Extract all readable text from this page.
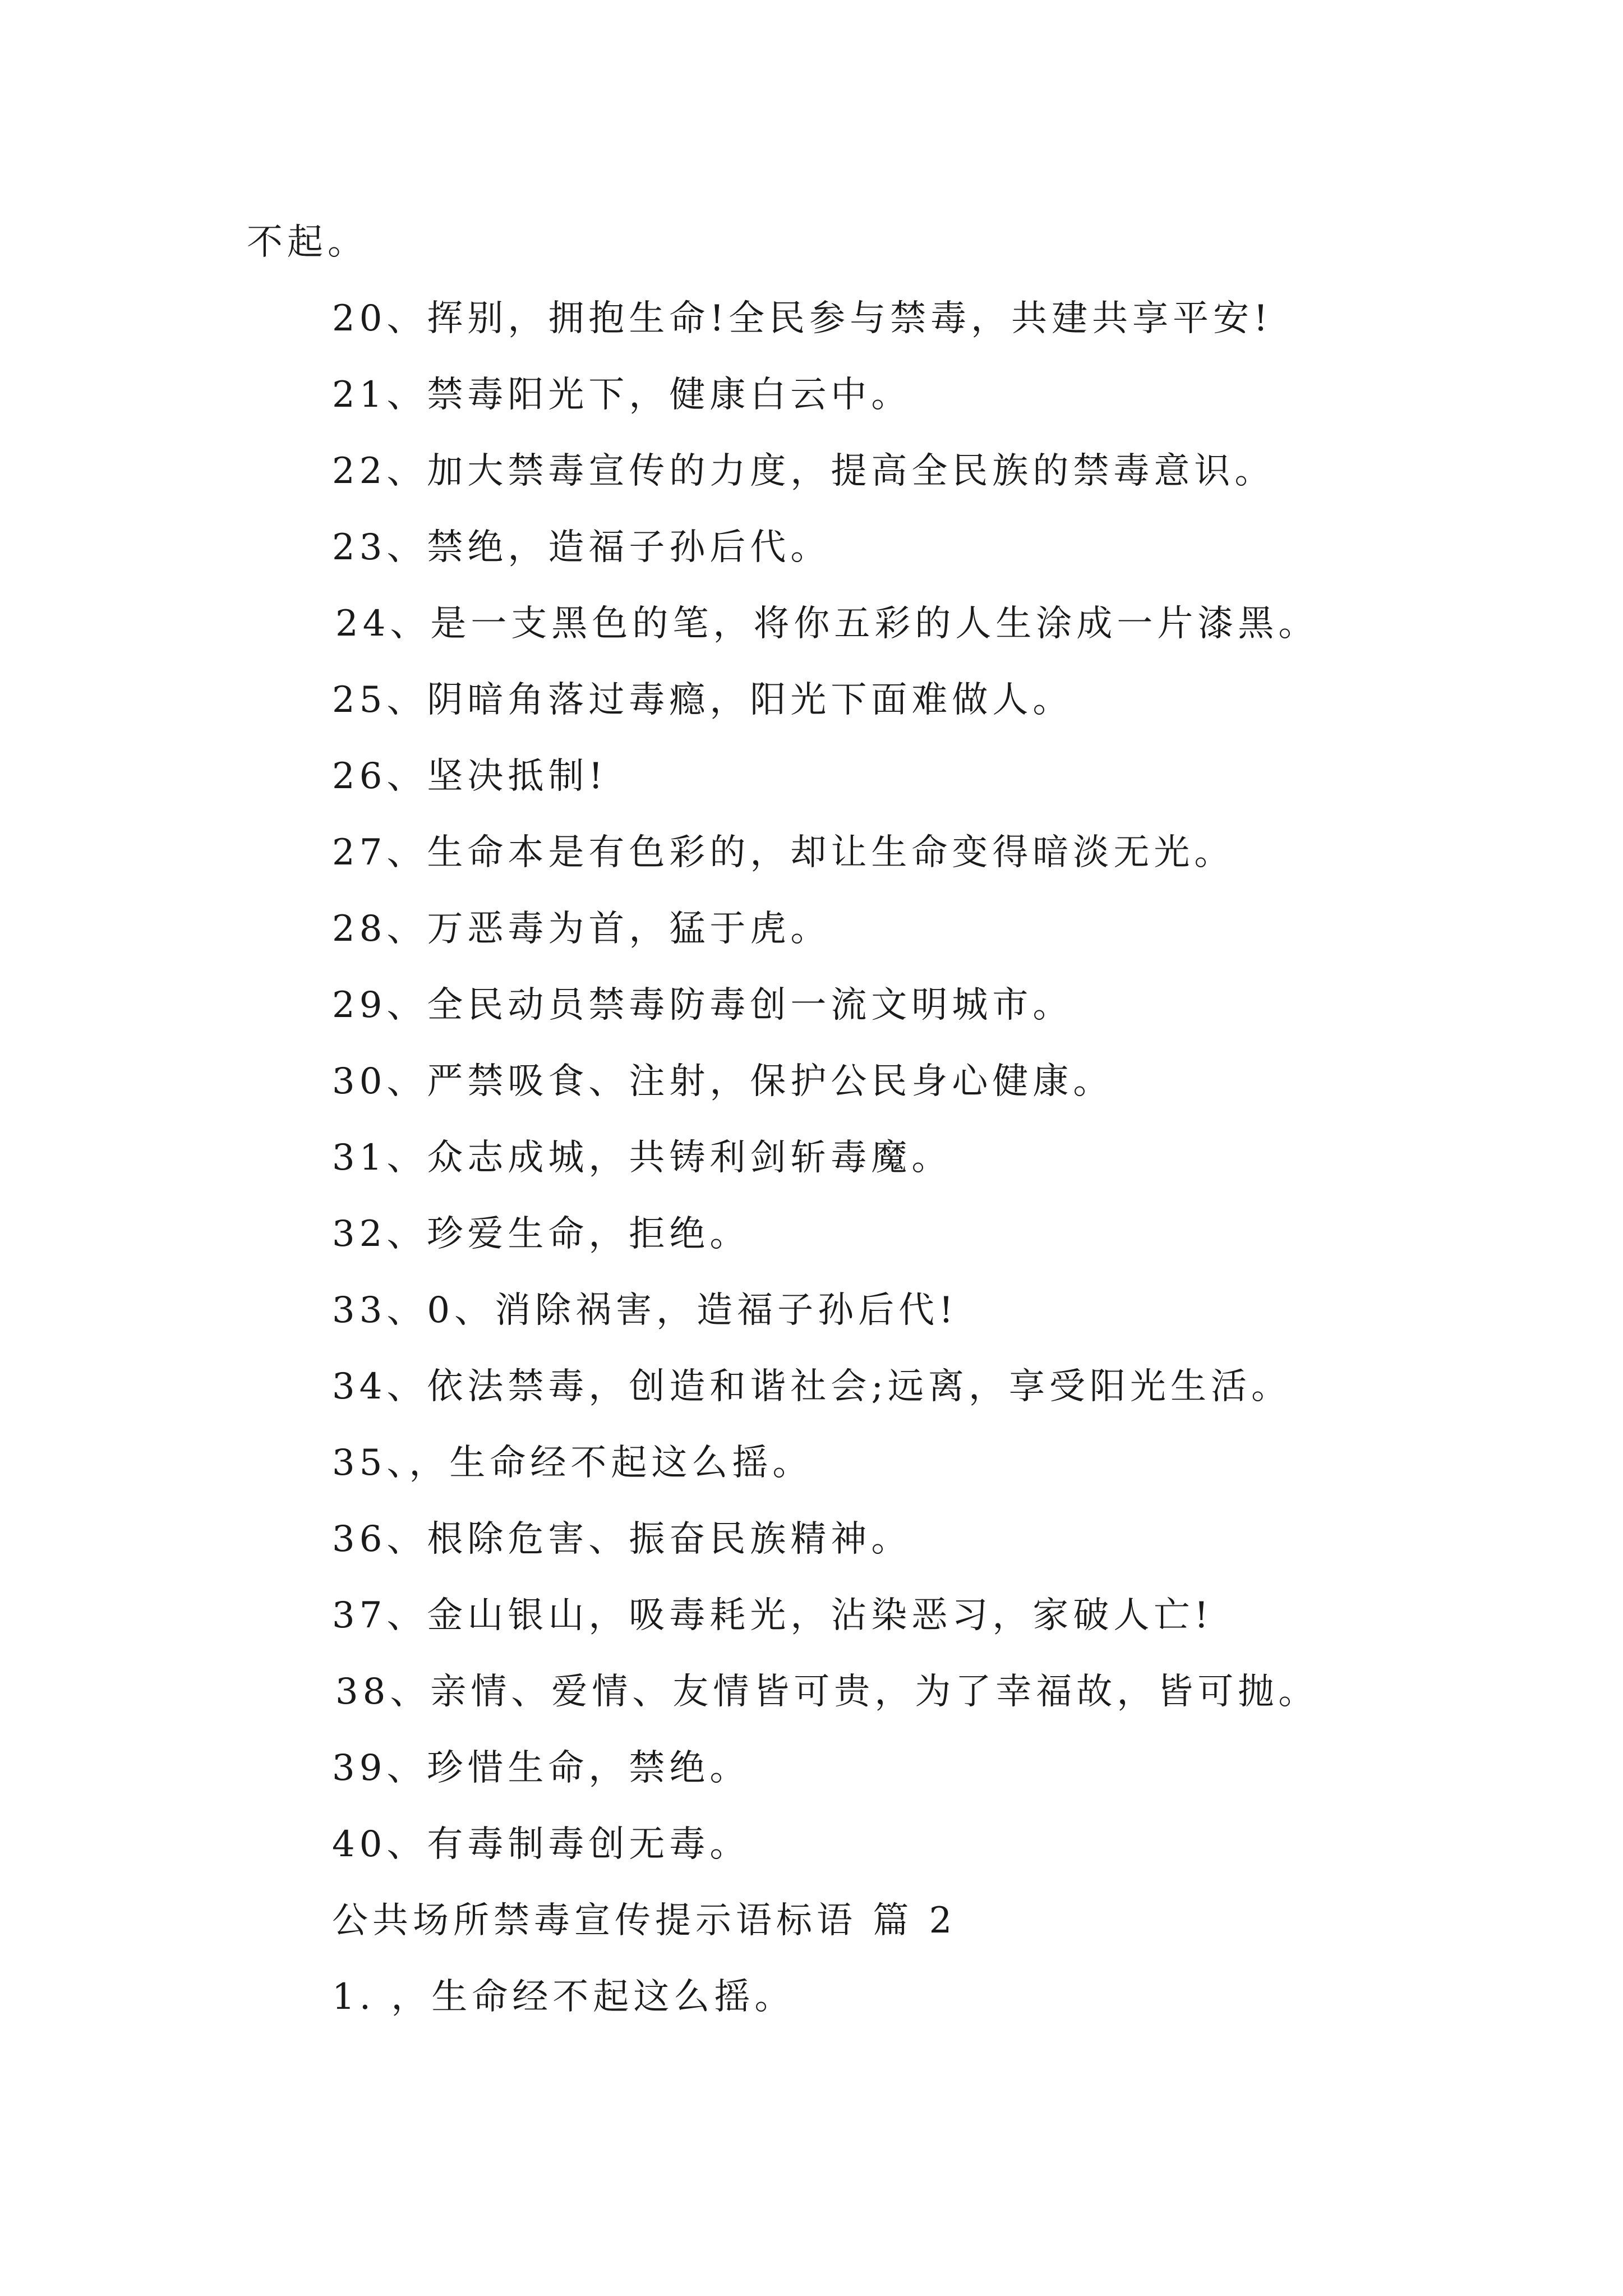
不起。
20、挥别，拥抱生命!全民参与禁毒，共建共享平安!
21、禁毒阳光下，健康白云中。
22、加大禁毒宣传的力度，提高全民族的禁毒意识。
23、禁绝，造福子孙后代。
24、是一支黑色的笔，将你五彩的人生涂成一片漆黑。
25、阴暗角落过毒瘾，阳光下面难做人。
26、坚决抵制!
27、生命本是有色彩的，却让生命变得暗淡无光。
28、万恶毒为首，猛于虎。
29、全民动员禁毒防毒创一流文明城市。
30、严禁吸食、注射，保护公民身心健康。
31、众志成城，共铸利剑斩毒魔。
32、珍爱生命，拒绝。
33、0、消除祸害，造福子孙后代!
34、依法禁毒，创造和谐社会;远离，享受阳光生活。
35、，生命经不起这么摇。
36、根除危害、振奋民族精神。
37、金山银山，吸毒耗光，沾染恶习，家破人亡!
38、亲情、爱情、友情皆可贵，为了幸福故，皆可抛。
39、珍惜生命，禁绝。
40、有毒制毒创无毒。
公共场所禁毒宣传提示语标语 篇 2
1. ，生命经不起这么摇。
